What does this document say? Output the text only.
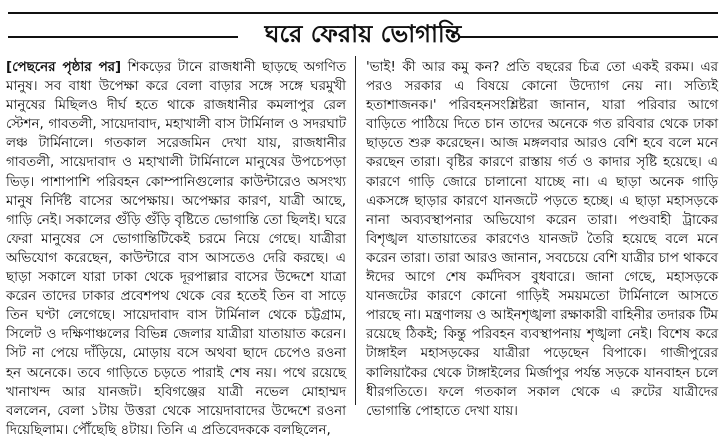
ঘরে ফেরায় ভোগান্তি

[পেছনের পৃষ্ঠার পর] শিকড়ের টানে রাজধানী ছাড়ছে অগণিত মানুষ। সব বাধা উপেক্ষা করে বেলা বাড়ার সঙ্গে সঙ্গে ঘরমুখী মানুষের মিছিলও দীর্ঘ হতে থাকে রাজধানীর কমলাপুর রেল স্টেশন, গাবতলী, সায়েদাবাদ, মহাখালী বাস টার্মিনাল ও সদরঘাট লঞ্চ টার্মিনালে। গতকাল সরেজমিন দেখা যায়, রাজধানীর গাবতলী, সায়েদাবাদ ও মহাখালী টার্মিনালে মানুষের উপচেপড়া ভিড়। পাশাপাশি পরিবহন কোম্পানিগুলোর কাউন্টারেও অসংখ্য মানুষ নির্দিষ্ট বাসের অপেক্ষায়। অপেক্ষার কারণ, যাত্রী আছে, গাড়ি নেই। সকালের গুঁড়ি গুঁড়ি বৃষ্টিতে ভোগান্তি তো ছিলই। ঘরে ফেরা মানুষের সে ভোগান্তিটিকেই চরমে নিয়ে গেছে। যাত্রীরা অভিযোগ করেছেন, কাউন্টারে বাস আসতেও দেরি করছে। এ ছাড়া সকালে যারা ঢাকা থেকে দূরপাল্লার বাসের উদ্দেশে যাত্রা করেন তাদের ঢাকার প্রবেশপথ থেকে বের হতেই তিন বা সাড়ে তিন ঘণ্টা লেগেছে। সায়েদাবাদ বাস টার্মিনাল থেকে চট্টগ্রাম, সিলেট ও দক্ষিণাঞ্চলের বিভিন্ন জেলার যাত্রীরা যাতায়াত করেন। সিট না পেয়ে দাঁড়িয়ে, মোড়ায় বসে অথবা ছাদে চেপেও রওনা হন অনেকে। তবে গাড়িতে চড়তে পারাই শেষ নয়। পথে রয়েছে খানাখন্দ আর যানজট। হবিগঞ্জের যাত্রী নভেল মোহাম্মদ বললেন, বেলা ১টায় উত্তরা থেকে সায়েদাবাদের উদ্দেশে রওনা দিয়েছিলাম। পৌঁছেছি ৪টায়। তিনি এ প্রতিবেদককে বলছিলেন,

'ভাই! কী আর কমু কন? প্রতি বছরের চিত্র তো একই রকম। এর পরও সরকার এ বিষয়ে কোনো উদ্যোগ নেয় না। সত্যিই হতাশাজনক।' পরিবহনসংশ্লিষ্টরা জানান, যারা পরিবার আগে বাড়িতে পাঠিয়ে দিতে চান তাদের অনেকে গত রবিবার থেকে ঢাকা ছাড়তে শুরু করেছেন। আজ মঙ্গলবার আরও বেশি হবে বলে মনে করছেন তারা। বৃষ্টির কারণে রাস্তায় গর্ত ও কাদার সৃষ্টি হয়েছে। এ কারণে গাড়ি জোরে চালানো যাচ্ছে না। এ ছাড়া অনেক গাড়ি একসঙ্গে ছাড়ার কারণে যানজটে পড়তে হচ্ছে। এ ছাড়া মহাসড়কে নানা অব্যবস্থাপনার অভিযোগ করেন তারা। পণ্ডবাহী ট্রাকের বিশৃঙ্খল যাতায়াতের কারণেও যানজট তৈরি হয়েছে বলে মনে করেন তারা। তারা আরও জানান, সবচেয়ে বেশি যাত্রীর চাপ থাকবে ঈদের আগে শেষ কর্মদিবস বুধবারে। জানা গেছে, মহাসড়কে যানজটের কারণে কোনো গাড়িই সময়মতো টার্মিনালে আসতে পারছে না। মন্ত্রণালয় ও আইনশৃঙ্খলা রক্ষাকারী বাহিনীর তদারক টিম রয়েছে ঠিকই; কিন্তু পরিবহন ব্যবস্থাপনায় শৃঙ্খলা নেই। বিশেষ করে টাঙ্গাইল মহাসড়কের যাত্রীরা পড়েছেন বিপাকে। গাজীপুরের কালিয়াকৈর থেকে টাঙ্গাইলের মির্জাপুর পর্যন্ত সড়কে যানবাহন চলে ধীরগতিতে। ফলে গতকাল সকাল থেকে এ রুটের যাত্রীদের ভোগান্তি পোহাতে দেখা যায়।
